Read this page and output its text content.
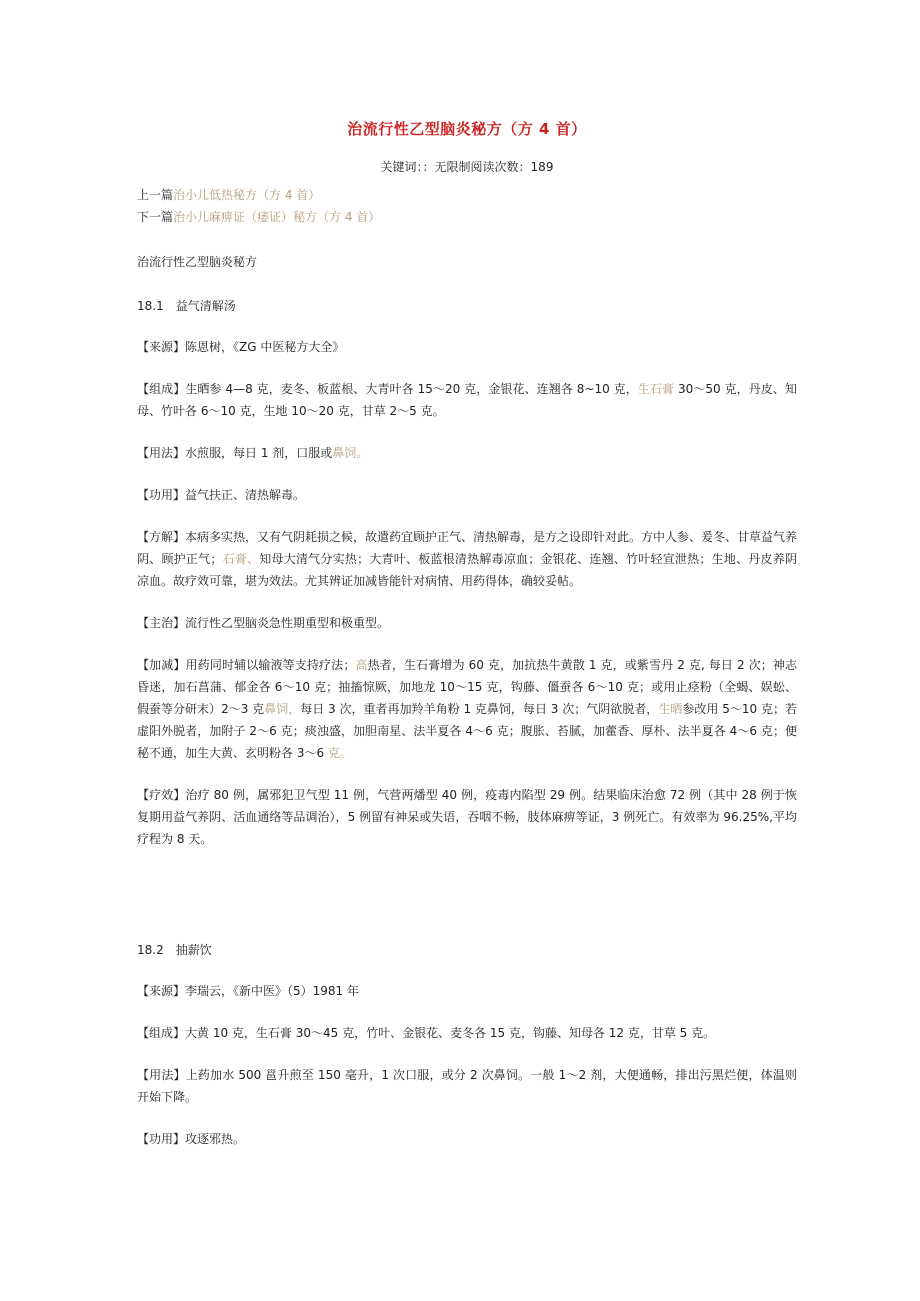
治流行性乙型脑炎秘方（方 4 首）
关键词：：无限制阅读次数：189
上一篇治小儿低热秘方（方 4 首）
下一篇治小儿麻痹证（痿证）秘方（方 4 首）
治流行性乙型脑炎秘方
18.1 益气清解汤

【来源】陈恩树，《ZG 中医秘方大全》

【组成】生晒参 4—8 克，麦冬、板蓝根、大青叶各 15～20 克，金银花、连翘各 8~10 克，生石膏 30～50 克，丹皮、知母、竹叶各 6～10 克，生地 10～20 克，甘草 2～5 克。

【用法】水煎服，每日 1 剂，口服或鼻饲。

【功用】益气扶正、清热解毒。

【方解】本病多实热，又有气阴耗损之候，故遣药宜顾护正气、清热解毒，是方之设即针对此。方中人参、爰冬、甘草益气养阴、顾护正气；石膏、知母大清气分实热；大青叶、板蓝根清热解毒凉血；金银花、连翘、竹叶轻宣泄热；生地、丹皮养阴凉血。故疗效可靠，堪为效法。尤其辨证加减皆能针对病情、用药得体，确较妥帖。

【主治】流行性乙型脑炎急性期重型和极重型。

【加减】用药同时辅以输液等支持疗法；高热者，生石膏增为 60 克，加抗热牛黄散 1 克，或紫雪丹 2 克, 每日 2 次；神志昏迷，加石菖蒲、郁金各 6～10 克；抽搐惊厥，加地龙 10～15 克，钩藤、僵蚕各 6～10 克；或用止痉粉（全蝎、娱蚣、假蚕等分研末）2～3 克鼻饲，每日 3 次，重者再加羚羊角粉 1 克鼻饲，每日 3 次；气阴欲脱者，生晒参改用 5～10 克；若虚阳外脱者，加附子 2～6 克；痰浊盛，加胆南星、法半夏各 4～6 克；腹胀、苔腻，加藿香、厚朴、法半夏各 4～6 克；便秘不通，加生大黄、玄明粉各 3～6 克。

【疗效】治疗 80 例，属邪犯卫气型 11 例，气营两燔型 40 例，疫毒内陷型 29 例。结果临床治愈 72 例（其中 28 例于恢复期用益气养阴、活血通络等品调治），5 例留有神呆或失语，吞咽不畅，肢体麻痹等证，3 例死亡。有效率为 96.25%,平均疗程为 8 天。

18.2 抽薪饮

【来源】李瑞云，《新中医》（5）1981 年

【组成】大黄 10 克，生石膏 30～45 克，竹叶、金银花、麦冬各 15 克，钩藤、知母各 12 克，甘草 5 克。

【用法】上药加水 500 邕升煎至 150 毫升，1 次口服，或分 2 次鼻饲。一般 1～2 剂，大便通畅，排出污黑烂便，体温则开始下降。

【功用】攻逐邪热。
